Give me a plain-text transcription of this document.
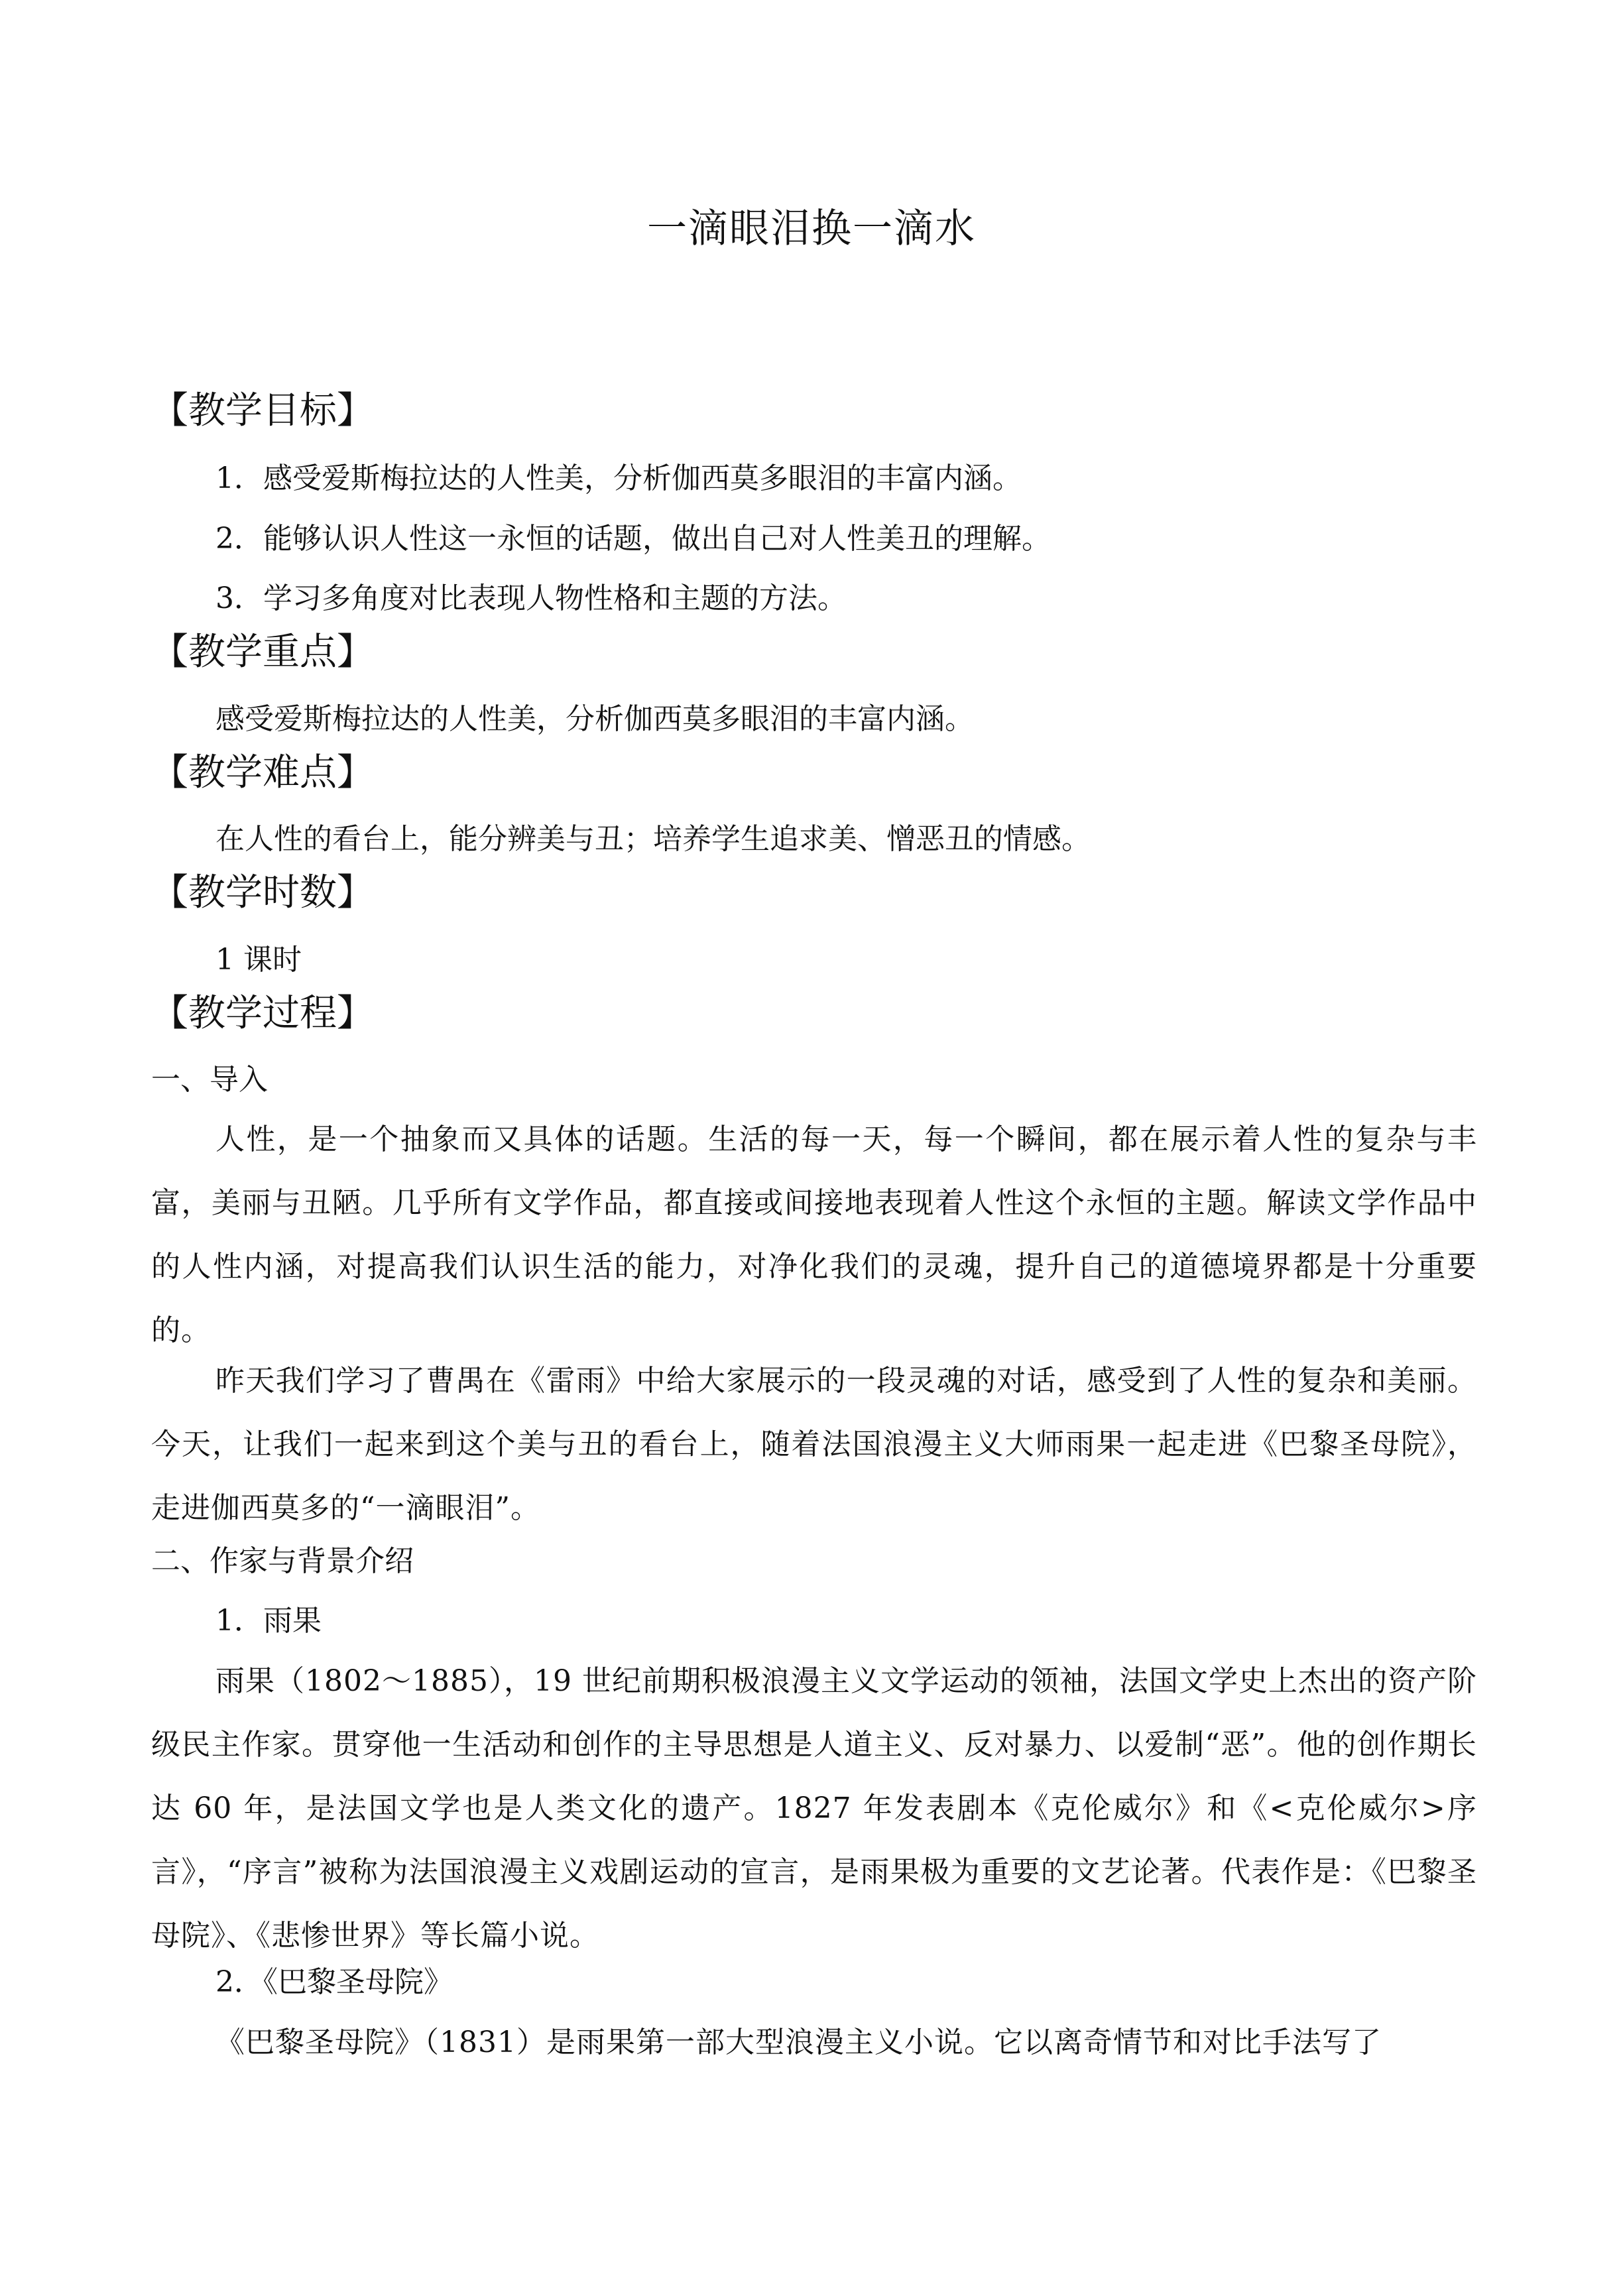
一滴眼泪换一滴水
【教学目标】
1．感受爱斯梅拉达的人性美，分析伽西莫多眼泪的丰富内涵。
2．能够认识人性这一永恒的话题，做出自己对人性美丑的理解。
3．学习多角度对比表现人物性格和主题的方法。
【教学重点】
感受爱斯梅拉达的人性美，分析伽西莫多眼泪的丰富内涵。
【教学难点】
在人性的看台上，能分辨美与丑；培养学生追求美、憎恶丑的情感。
【教学时数】
1 课时
【教学过程】
一、导入
人性，是一个抽象而又具体的话题。生活的每一天，每一个瞬间，都在展示着人性的复杂与丰富，美丽与丑陋。几乎所有文学作品，都直接或间接地表现着人性这个永恒的主题。解读文学作品中的人性内涵，对提高我们认识生活的能力，对净化我们的灵魂，提升自己的道德境界都是十分重要的。
昨天我们学习了曹禺在《雷雨》中给大家展示的一段灵魂的对话，感受到了人性的复杂和美丽。今天，让我们一起来到这个美与丑的看台上，随着法国浪漫主义大师雨果一起走进《巴黎圣母院》，走进伽西莫多的“一滴眼泪”。
二、作家与背景介绍
1．雨果
雨果（1802～1885），19 世纪前期积极浪漫主义文学运动的领袖，法国文学史上杰出的资产阶级民主作家。贯穿他一生活动和创作的主导思想是人道主义、反对暴力、以爱制“恶”。他的创作期长达 60 年，是法国文学也是人类文化的遗产。1827 年发表剧本《克伦威尔》和《<克伦威尔>序言》，“序言”被称为法国浪漫主义戏剧运动的宣言，是雨果极为重要的文艺论著。代表作是：《巴黎圣母院》、《悲惨世界》等长篇小说。
2．《巴黎圣母院》
《巴黎圣母院》（1831）是雨果第一部大型浪漫主义小说。它以离奇情节和对比手法写了
